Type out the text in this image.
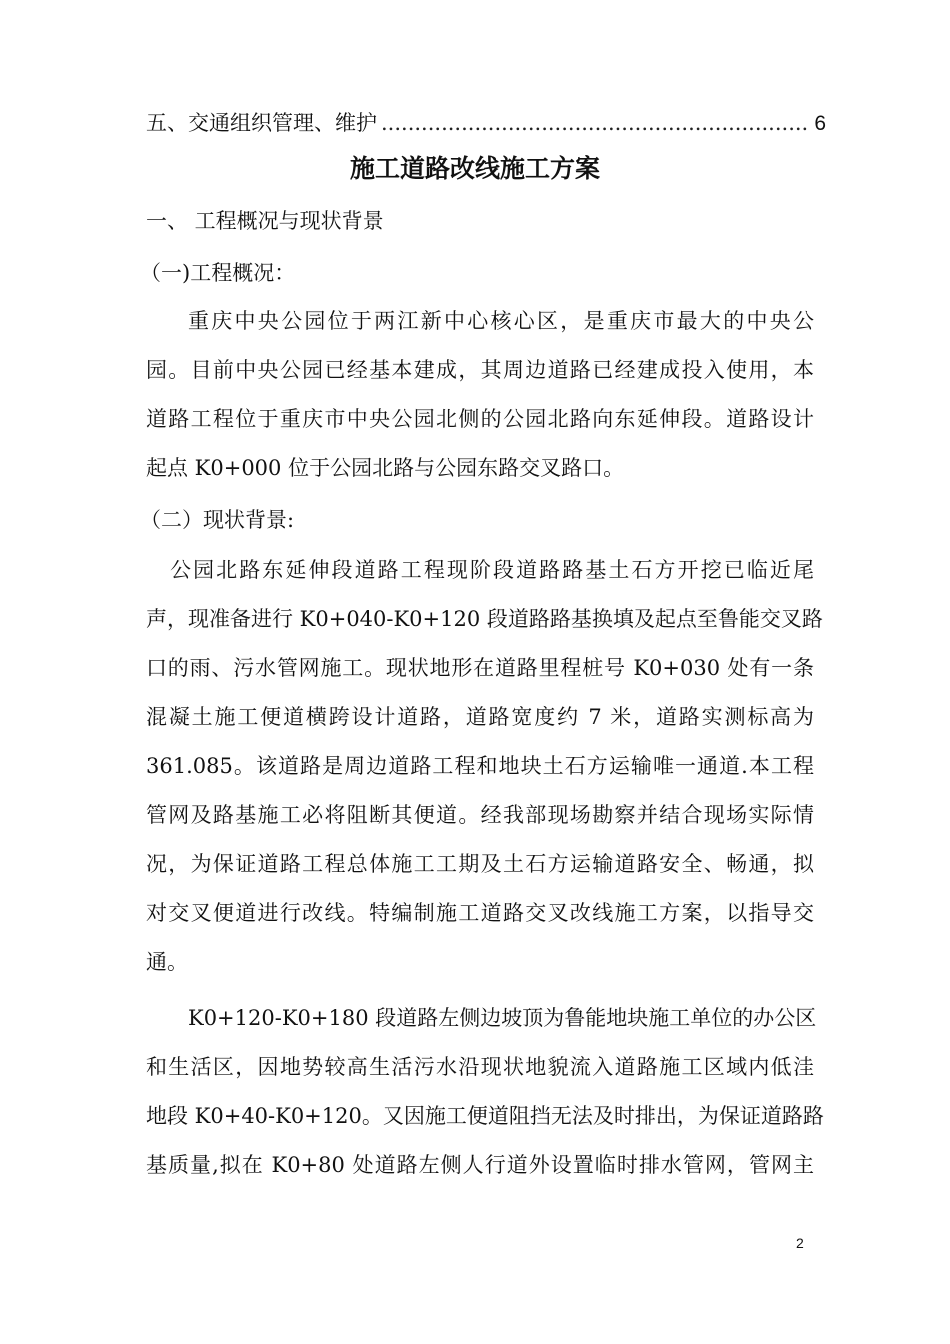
五、交通组织管理、维护
.....	6
施工道路改线施工方案
一、 工程概况与现状背景
（一)工程概况：
重庆中央公园位于两江新中心核心区，是重庆市最大的中央公
园。目前中央公园已经基本建成，其周边道路已经建成投入使用，本
道路工程位于重庆市中央公园北侧的公园北路向东延伸段。道路设计
起点 K0+000 位于公园北路与公园东路交叉路口。
（二）现状背景:
公园北路东延伸段道路工程现阶段道路路基土石方开挖已临近尾
声，现准备进行 K0+040-K0+120 段道路路基换填及起点至鲁能交叉路
口的雨、污水管网施工。现状地形在道路里程桩号 K0+030 处有一条
混凝土施工便道横跨设计道路，道路宽度约 7 米，道路实测标高为
361.085。该道路是周边道路工程和地块土石方运输唯一通道.本工程
管网及路基施工必将阻断其便道。经我部现场勘察并结合现场实际情
况，为保证道路工程总体施工工期及土石方运输道路安全、畅通，拟
对交叉便道进行改线。特编制施工道路交叉改线施工方案，以指导交
通。
K0+120-K0+180 段道路左侧边坡顶为鲁能地块施工单位的办公区
和生活区，因地势较高生活污水沿现状地貌流入道路施工区域内低洼
地段 K0+40-K0+120。又因施工便道阻挡无法及时排出，为保证道路路
基质量,拟在 K0+80 处道路左侧人行道外设置临时排水管网，管网主
2
